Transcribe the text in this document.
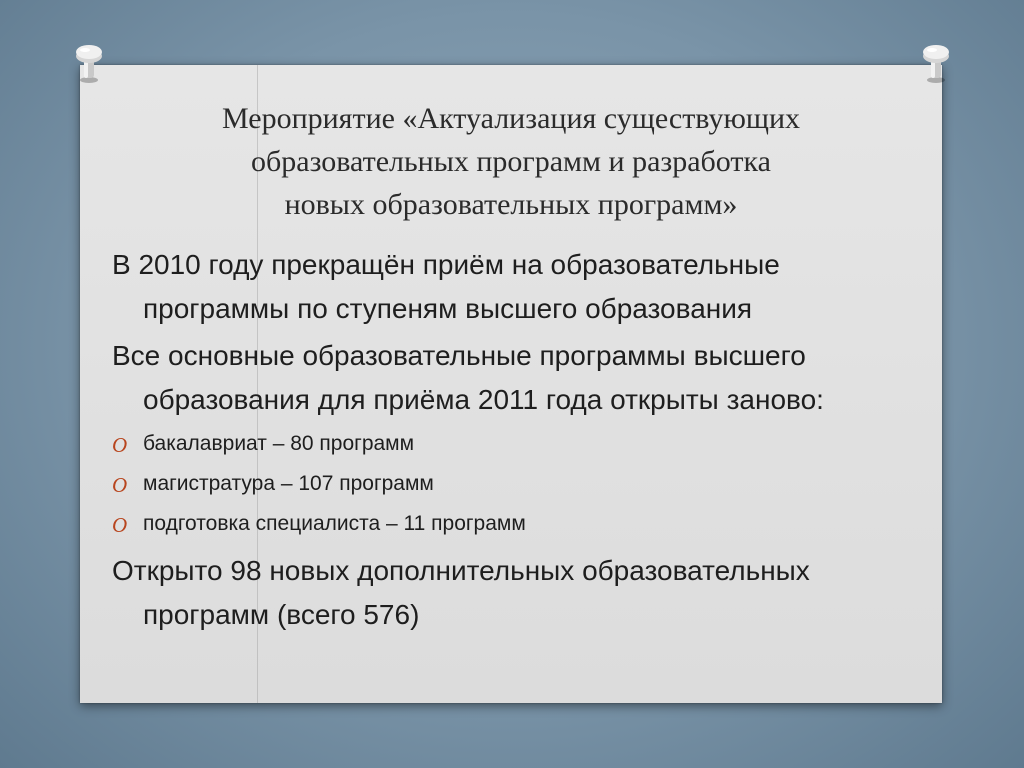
Мероприятие «Актуализация существующих
образовательных программ и разработка
новых образовательных программ»

В 2010 году прекращён приём на образовательные программы по ступеням высшего образования

Все основные образовательные программы высшего образования для приёма 2011 года открыты заново:

O бакалавриат – 80 программ
O магистратура – 107 программ
O подготовка специалиста – 11 программ

Открыто 98 новых дополнительных образовательных программ (всего 576)
